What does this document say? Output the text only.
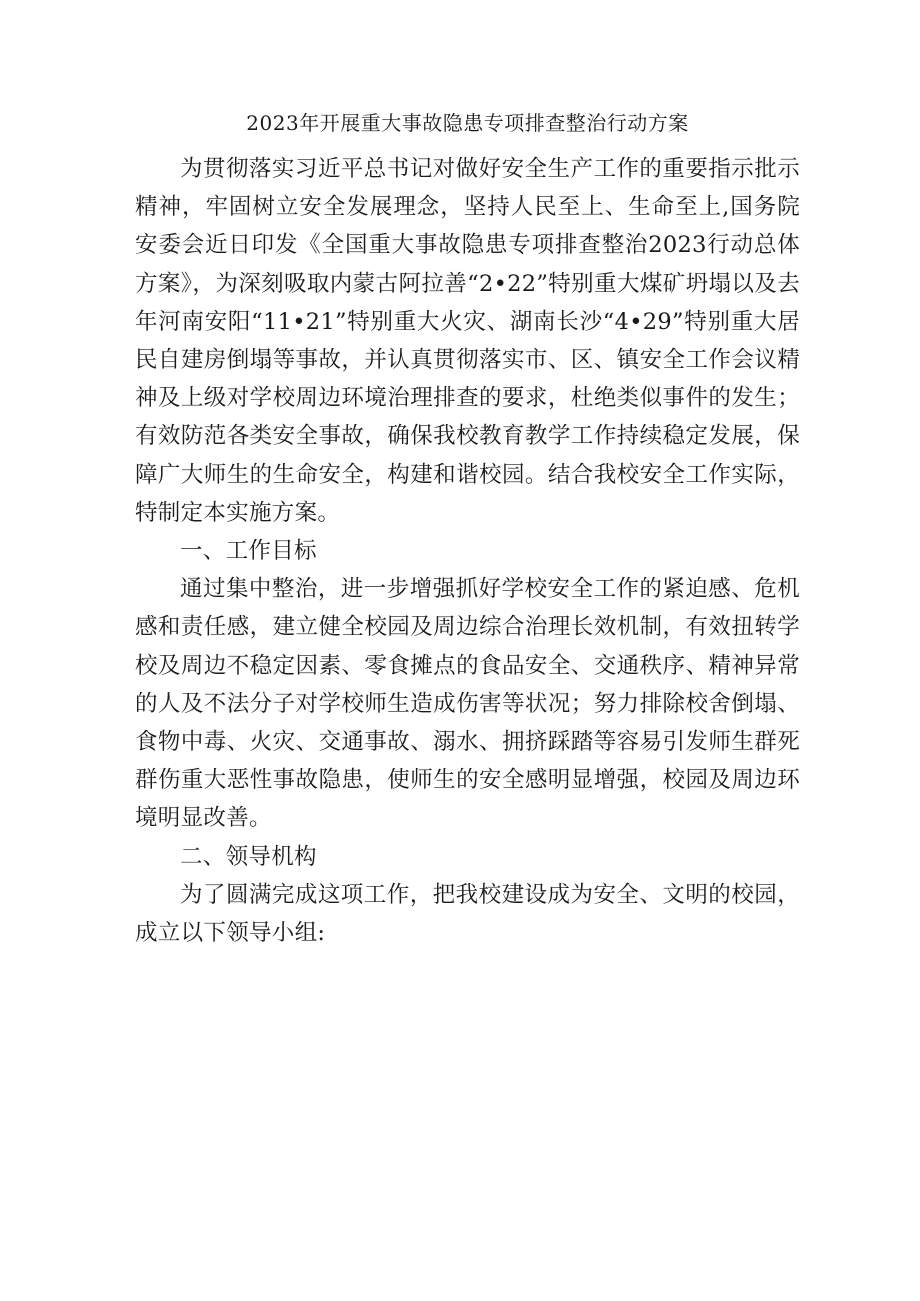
2023年开展重大事故隐患专项排查整治行动方案

为贯彻落实习近平总书记对做好安全生产工作的重要指示批示精神，牢固树立安全发展理念，坚持人民至上、生命至上,国务院安委会近日印发《全国重大事故隐患专项排查整治2023行动总体方案》，为深刻吸取内蒙古阿拉善“2•22”特别重大煤矿坍塌以及去年河南安阳“11•21”特别重大火灾、湖南长沙“4•29”特别重大居民自建房倒塌等事故，并认真贯彻落实市、区、镇安全工作会议精神及上级对学校周边环境治理排查的要求，杜绝类似事件的发生；有效防范各类安全事故，确保我校教育教学工作持续稳定发展，保障广大师生的生命安全，构建和谐校园。结合我校安全工作实际，特制定本实施方案。

一、工作目标

通过集中整治，进一步增强抓好学校安全工作的紧迫感、危机感和责任感，建立健全校园及周边综合治理长效机制，有效扭转学校及周边不稳定因素、零食摊点的食品安全、交通秩序、精神异常的人及不法分子对学校师生造成伤害等状况；努力排除校舍倒塌、食物中毒、火灾、交通事故、溺水、拥挤踩踏等容易引发师生群死群伤重大恶性事故隐患，使师生的安全感明显增强，校园及周边环境明显改善。

二、领导机构

为了圆满完成这项工作，把我校建设成为安全、文明的校园，成立以下领导小组:
